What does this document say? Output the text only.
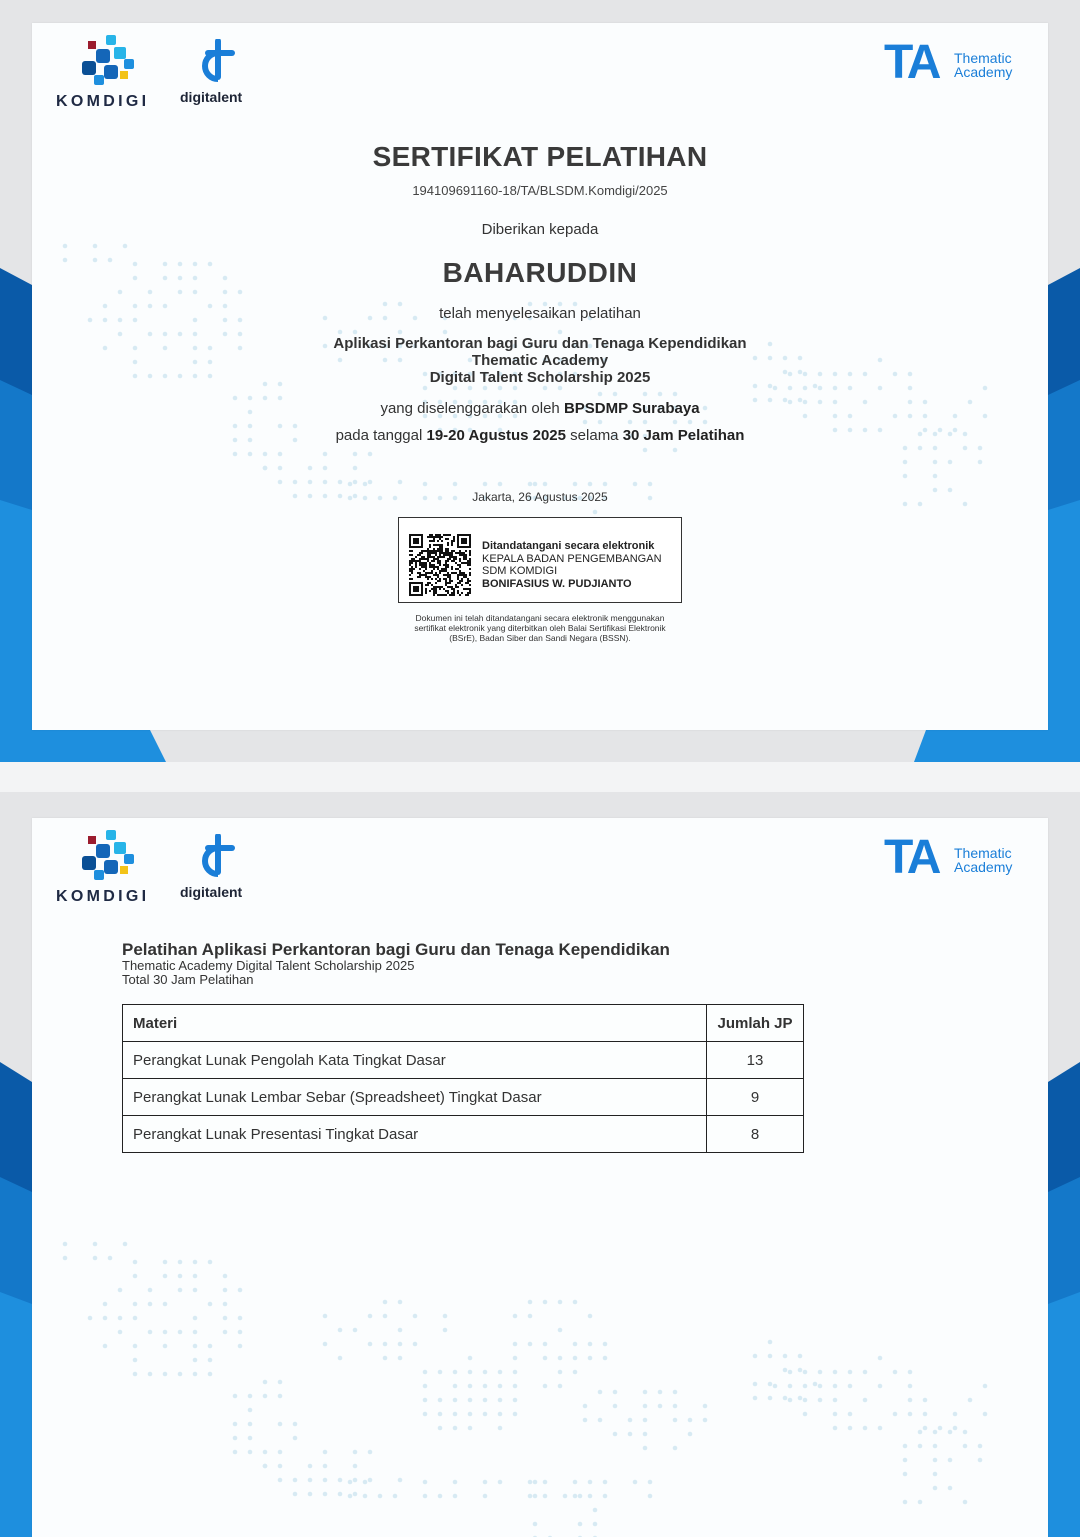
KOMDIGI digitalent
TA Thematic
Academy
SERTIFIKAT PELATIHAN
194109691160-18/TA/BLSDM.Komdigi/2025
Diberikan kepada
BAHARUDDIN
telah menyelesaikan pelatihan
Aplikasi Perkantoran bagi Guru dan Tenaga Kependidikan
Thematic Academy
Digital Talent Scholarship 2025
yang diselenggarakan oleh BPSDMP Surabaya
pada tanggal 19-20 Agustus 2025 selama 30 Jam Pelatihan
Jakarta, 26 Agustus 2025
Ditandatangani secara elektronik
KEPALA BADAN PENGEMBANGAN
SDM KOMDIGI
BONIFASIUS W. PUDJIANTO
Dokumen ini telah ditandatangani secara elektronik menggunakan
sertifikat elektronik yang diterbitkan oleh Balai Sertifikasi Elektronik
(BSrE), Badan Siber dan Sandi Negara (BSSN).
KOMDIGI digitalent
TA Thematic
Academy
Pelatihan Aplikasi Perkantoran bagi Guru dan Tenaga Kependidikan
Thematic Academy Digital Talent Scholarship 2025
Total 30 Jam Pelatihan
Materi	Jumlah JP
Perangkat Lunak Pengolah Kata Tingkat Dasar	13
Perangkat Lunak Lembar Sebar (Spreadsheet) Tingkat Dasar	9
Perangkat Lunak Presentasi Tingkat Dasar	8
